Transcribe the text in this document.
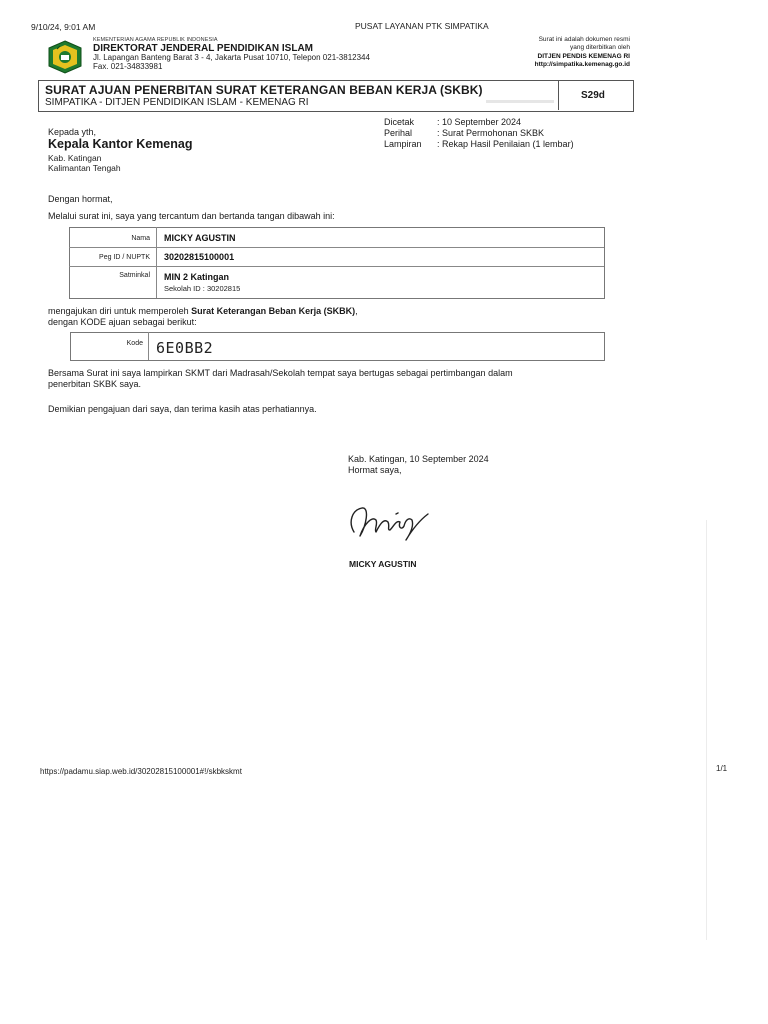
9/10/24, 9:01 AM	PUSAT LAYANAN PTK SIMPATIKA
KEMENTERIAN AGAMA REPUBLIK INDONESIA
DIREKTORAT JENDERAL PENDIDIKAN ISLAM
Jl. Lapangan Banteng Barat 3 - 4, Jakarta Pusat 10710, Telepon 021-3812344
Fax. 021-34833981
Surat ini adalah dokumen resmi
yang diterbitkan oleh
DITJEN PENDIS KEMENAG RI
http://simpatika.kemenag.go.id
SURAT AJUAN PENERBITAN SURAT KETERANGAN BEBAN KERJA (SKBK)
SIMPATIKA - DITJEN PENDIDIKAN ISLAM - KEMENAG RI
S29d
Dicetak	: 10 September 2024
Perihal	: Surat Permohonan SKBK
Lampiran : Rekap Hasil Penilaian (1 lembar)
Kepada yth,
Kepala Kantor Kemenag
Kab. Katingan
Kalimantan Tengah
Dengan hormat,
Melalui surat ini, saya yang tercantum dan bertanda tangan dibawah ini:
Nama MICKY AGUSTIN
Peg ID / NUPTK 30202815100001
Satminkal MIN 2 Katingan
Sekolah ID : 30202815
mengajukan diri untuk memperoleh Surat Keterangan Beban Kerja (SKBK),
dengan KODE ajuan sebagai berikut:
Kode 6E0BB2
Bersama Surat ini saya lampirkan SKMT dari Madrasah/Sekolah tempat saya bertugas sebagai pertimbangan dalam
penerbitan SKBK saya.
Demikian pengajuan dari saya, dan terima kasih atas perhatiannya.
Kab. Katingan, 10 September 2024
Hormat saya,
MICKY AGUSTIN
https://padamu.siap.web.id/30202815100001#!/skbkskmt	1/1
